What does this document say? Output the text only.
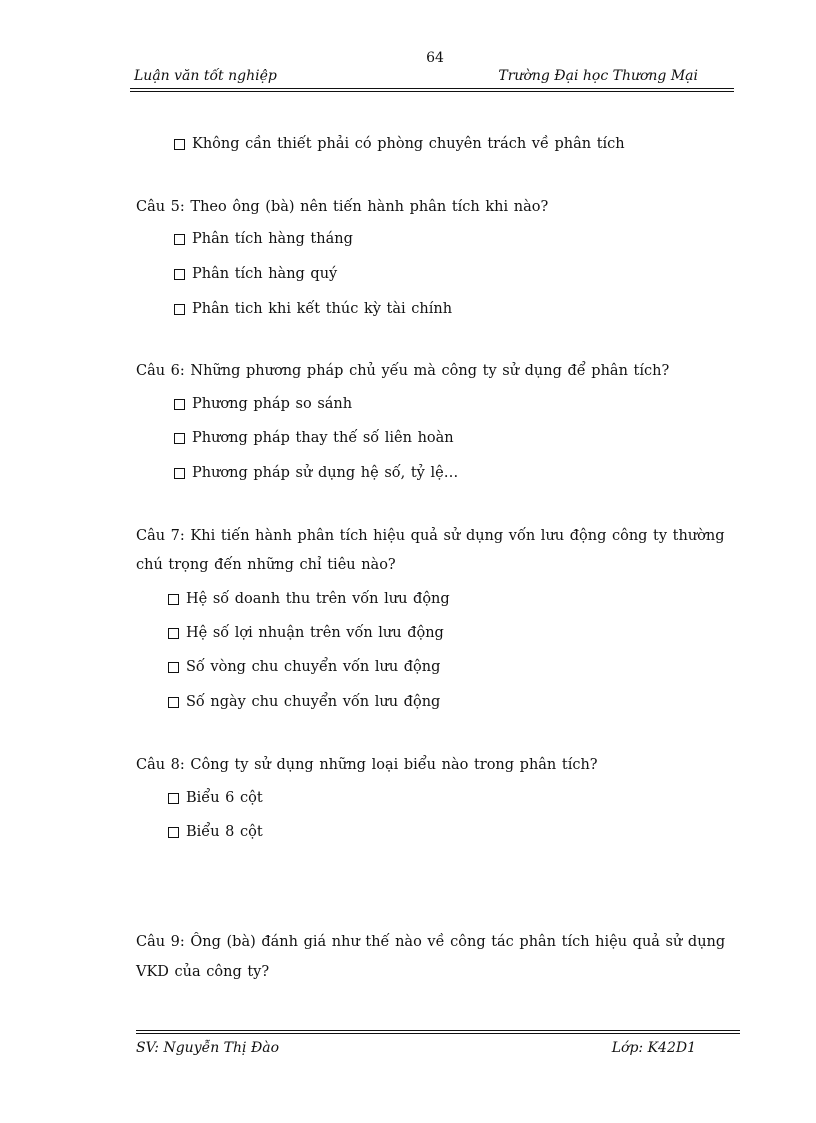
64
Luận văn tốt nghiệp	Trường Đại học Thương Mại
Không cần thiết phải có phòng chuyên trách về phân tích
Câu 5: Theo ông (bà) nên tiến hành phân tích khi nào?
Phân tích hàng tháng
Phân tích hàng quý
Phân tich khi kết thúc kỳ tài chính
Câu 6: Những phương pháp chủ yếu mà công ty sử dụng để phân tích?
Phương pháp so sánh
Phương pháp thay thế số liên hoàn
Phương pháp sử dụng hệ số, tỷ lệ…
Câu 7: Khi tiến hành phân tích hiệu quả sử dụng vốn lưu động công ty thường
chú trọng đến những chỉ tiêu nào?
Hệ số doanh thu trên vốn lưu động
Hệ số lợi nhuận trên vốn lưu động
Số vòng chu chuyển vốn lưu động
Số ngày chu chuyển vốn lưu động
Câu 8: Công ty sử dụng những loại biểu nào trong phân tích?
Biểu 6 cột
Biểu 8 cột
Câu 9: Ông (bà) đánh giá như thế nào về công tác phân tích hiệu quả sử dụng
VKD của công ty?
SV: Nguyễn Thị Đào	Lớp: K42D1
